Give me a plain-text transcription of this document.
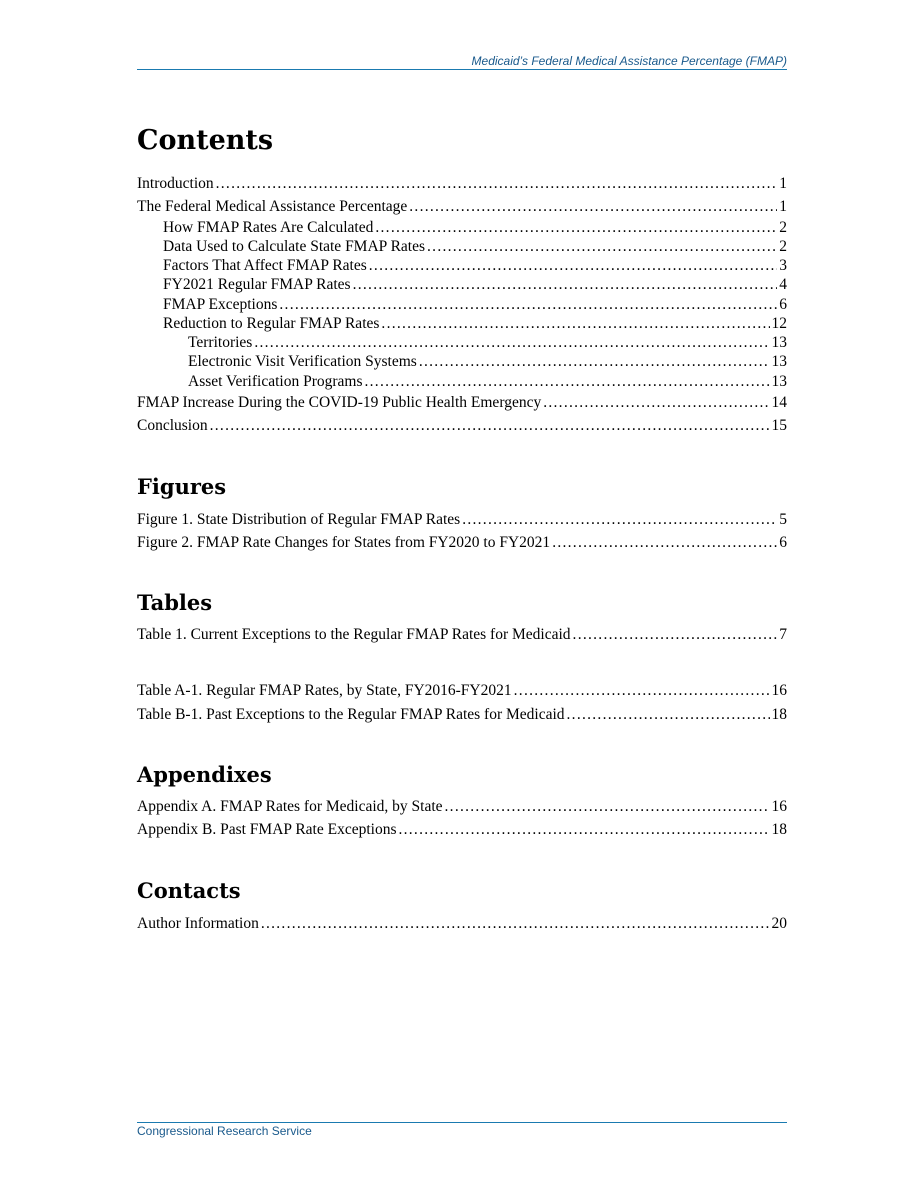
Medicaid’s Federal Medical Assistance Percentage (FMAP)
Contents
Introduction . . .	1
The Federal Medical Assistance Percentage . . .	1
How FMAP Rates Are Calculated . . .	2
Data Used to Calculate State FMAP Rates . . .	2
Factors That Affect FMAP Rates . . .	3
FY2021 Regular FMAP Rates . . .	4
FMAP Exceptions . . .	6
Reduction to Regular FMAP Rates . . .	12
Territories . . .	13
Electronic Visit Verification Systems . . .	13
Asset Verification Programs . . .	13
FMAP Increase During the COVID-19 Public Health Emergency . . .	14
Conclusion . . .	15
Figures
Figure 1. State Distribution of Regular FMAP Rates . . .	5
Figure 2. FMAP Rate Changes for States from FY2020 to FY2021 . . .	6
Tables
Table 1. Current Exceptions to the Regular FMAP Rates for Medicaid . . .	7
Table A-1. Regular FMAP Rates, by State, FY2016-FY2021 . . .	16
Table B-1. Past Exceptions to the Regular FMAP Rates for Medicaid . . .	18
Appendixes
Appendix A. FMAP Rates for Medicaid, by State . . .	16
Appendix B. Past FMAP Rate Exceptions . . .	18
Contacts
Author Information . . .	20
Congressional Research Service
